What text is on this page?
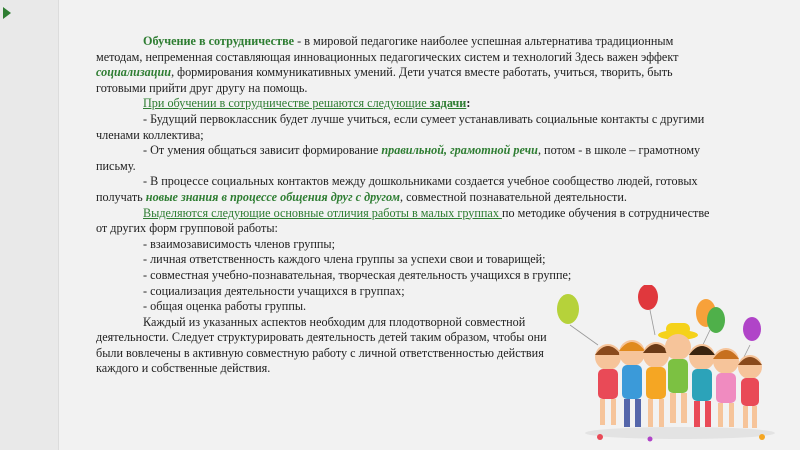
Обучение в сотрудничестве - в мировой педагогике наиболее успешная альтернатива традиционным методам, непременная составляющая инновационных педагогических систем и технологий Здесь важен эффект социализации, формирования коммуникативных умений. Дети учатся вместе работать, учиться, творить, быть готовыми прийти друг другу на помощь.

При обучении в сотрудничестве решаются следующие задачи:

- Будущий первоклассник будет лучше учиться, если сумеет устанавливать социальные контакты с другими членами коллектива;

- От умения общаться зависит формирование правильной, грамотной речи, потом - в школе – грамотному письму.

- В процессе социальных контактов между дошкольниками создается учебное сообщество людей, готовых получать новые знания в процессе общения друг с другом, совместной познавательной деятельности.

Выделяются следующие основные отличия работы в малых группах по методике обучения в сотрудничестве от других форм групповой работы:

- взаимозависимость членов группы;

- личная ответственность каждого члена группы за успехи свои и товарищей;

- совместная учебно-познавательная, творческая деятельность учащихся в группе;

- социализация деятельности учащихся в группах;

- общая оценка работы группы.

Каждый из указанных аспектов необходим для плодотворной совместной деятельности. Следует структурировать деятельность детей таким образом, чтобы они были вовлечены в активную совместную работу с личной ответственностью действия каждого и собственные действия.
